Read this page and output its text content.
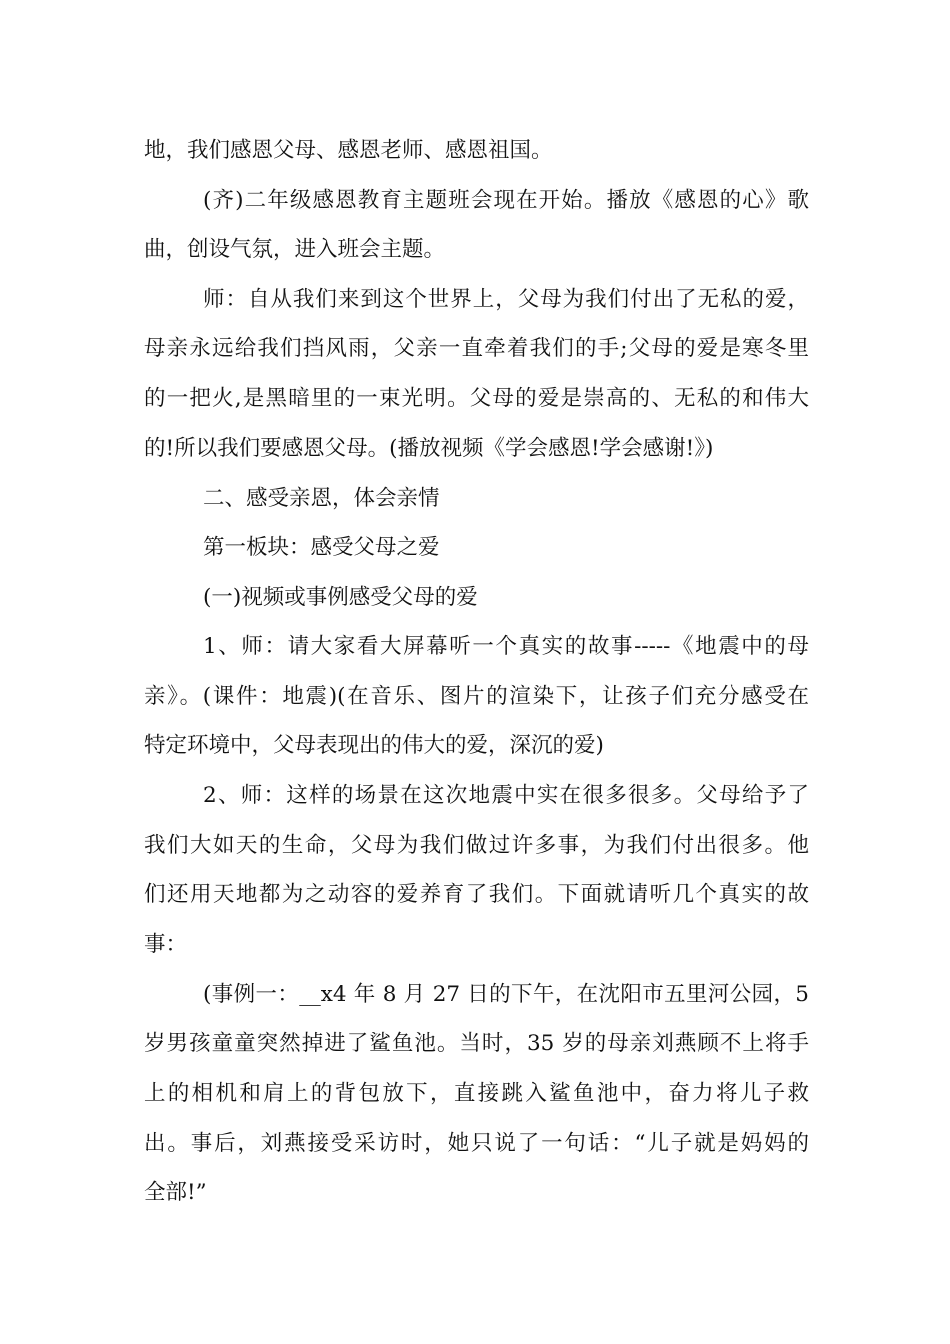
地，我们感恩父母、感恩老师、感恩祖国。
(齐)二年级感恩教育主题班会现在开始。播放《感恩的心》歌
曲，创设气氛，进入班会主题。
师：自从我们来到这个世界上，父母为我们付出了无私的爱，
母亲永远给我们挡风雨，父亲一直牵着我们的手;父母的爱是寒冬里
的一把火,是黑暗里的一束光明。父母的爱是崇高的、无私的和伟大
的!所以我们要感恩父母。(播放视频《学会感恩!学会感谢!》)
二、感受亲恩，体会亲情
第一板块：感受父母之爱
(一)视频或事例感受父母的爱
1、师：请大家看大屏幕听一个真实的故事-----《地震中的母
亲》。(课件：地震)(在音乐、图片的渲染下，让孩子们充分感受在
特定环境中，父母表现出的伟大的爱，深沉的爱)
2、师：这样的场景在这次地震中实在很多很多。父母给予了
我们大如天的生命，父母为我们做过许多事，为我们付出很多。他
们还用天地都为之动容的爱养育了我们。下面就请听几个真实的故
事：
(事例一：__x4 年 8 月 27 日的下午，在沈阳市五里河公园，5
岁男孩童童突然掉进了鲨鱼池。当时，35 岁的母亲刘燕顾不上将手
上的相机和肩上的背包放下，直接跳入鲨鱼池中，奋力将儿子救
出。事后，刘燕接受采访时，她只说了一句话：“儿子就是妈妈的
全部!”
